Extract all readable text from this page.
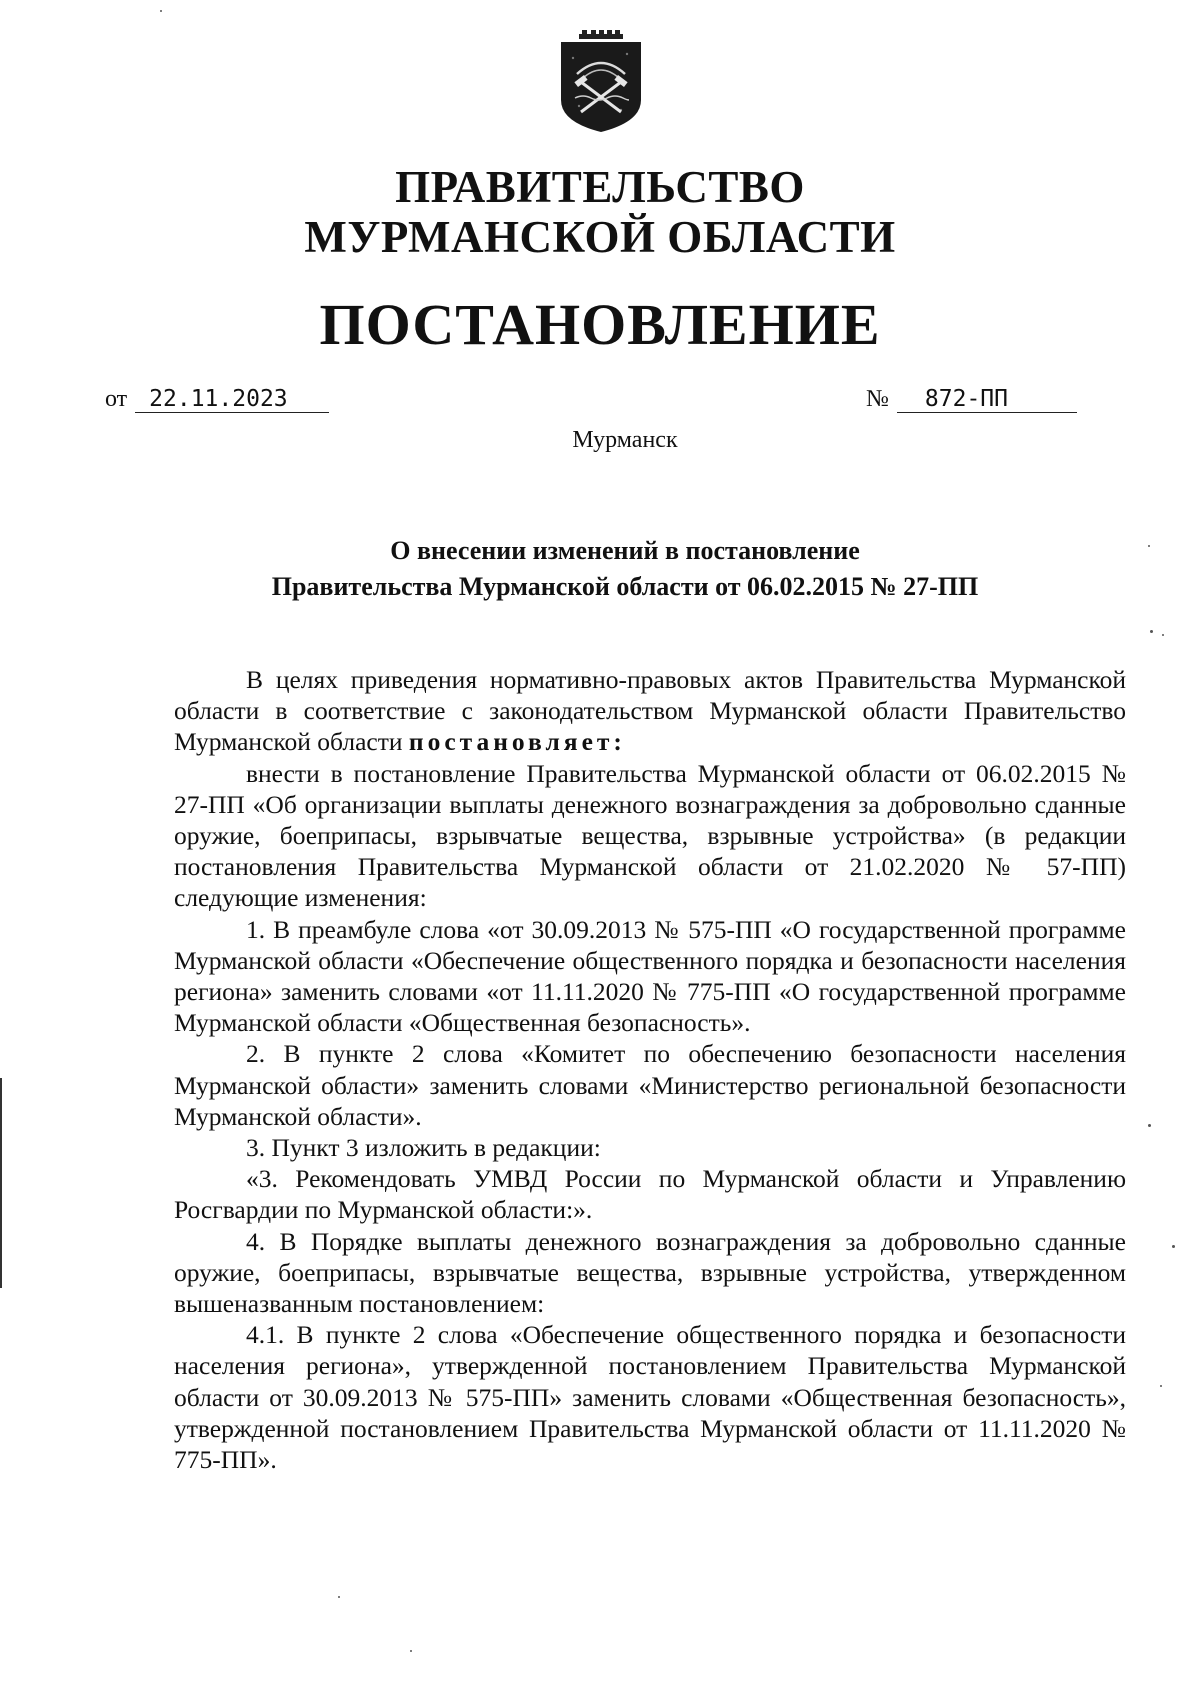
ПРАВИТЕЛЬСТВО
МУРМАНСКОЙ ОБЛАСТИ
ПОСТАНОВЛЕНИЕ
от 22.11.2023	№ 872-ПП
Мурманск
О внесении изменений в постановление
Правительства Мурманской области от 06.02.2015 № 27-ПП

В целях приведения нормативно-правовых актов Правительства Мурманской области в соответствие с законодательством Мурманской области Правительство Мурманской области постановляет:

внести в постановление Правительства Мурманской области от 06.02.2015 № 27-ПП «Об организации выплаты денежного вознаграждения за добровольно сданные оружие, боеприпасы, взрывчатые вещества, взрывные устройства» (в редакции постановления Правительства Мурманской области от 21.02.2020 № 57-ПП) следующие изменения:

1. В преамбуле слова «от 30.09.2013 № 575-ПП «О государственной программе Мурманской области «Обеспечение общественного порядка и безопасности населения региона» заменить словами «от 11.11.2020 № 775-ПП «О государственной программе Мурманской области «Общественная безопасность».

2. В пункте 2 слова «Комитет по обеспечению безопасности населения Мурманской области» заменить словами «Министерство региональной безопасности Мурманской области».

3. Пункт 3 изложить в редакции:

«3. Рекомендовать УМВД России по Мурманской области и Управлению Росгвардии по Мурманской области:».

4. В Порядке выплаты денежного вознаграждения за добровольно сданные оружие, боеприпасы, взрывчатые вещества, взрывные устройства, утвержденном вышеназванным постановлением:

4.1. В пункте 2 слова «Обеспечение общественного порядка и безопасности населения региона», утвержденной постановлением Правительства Мурманской области от 30.09.2013 № 575-ПП» заменить словами «Общественная безопасность», утвержденной постановлением Правительства Мурманской области от 11.11.2020 № 775-ПП».
